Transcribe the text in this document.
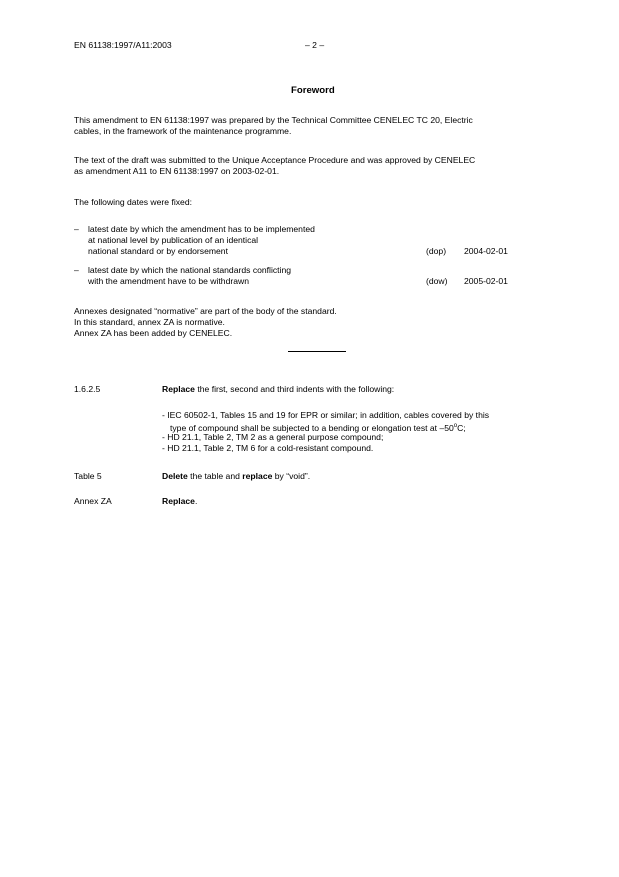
EN 61138:1997/A11:2003	– 2 –
Foreword
This amendment to EN 61138:1997 was prepared by the Technical Committee CENELEC TC 20, Electric
cables, in the framework of the maintenance programme.
The text of the draft was submitted to the Unique Acceptance Procedure and was approved by CENELEC
as amendment A11 to EN 61138:1997 on 2003-02-01.
The following dates were fixed:
– latest date by which the amendment has to be implemented
at national level by publication of an identical
national standard or by endorsement	(dop) 2004-02-01
– latest date by which the national standards conflicting
with the amendment have to be withdrawn	(dow) 2005-02-01
Annexes designated “normative” are part of the body of the standard.
In this standard, annex ZA is normative.
Annex ZA has been added by CENELEC.
1.6.2.5	Replace the first, second and third indents with the following:
- IEC 60502-1, Tables 15 and 19 for EPR or similar; in addition, cables covered by this
type of compound shall be subjected to a bending or elongation test at –50$^o$C;
- HD 21.1, Table 2, TM 2 as a general purpose compound;
- HD 21.1, Table 2, TM 6 for a cold-resistant compound.
Table 5	Delete the table and replace by “void”.
Annex ZA	Replace.
